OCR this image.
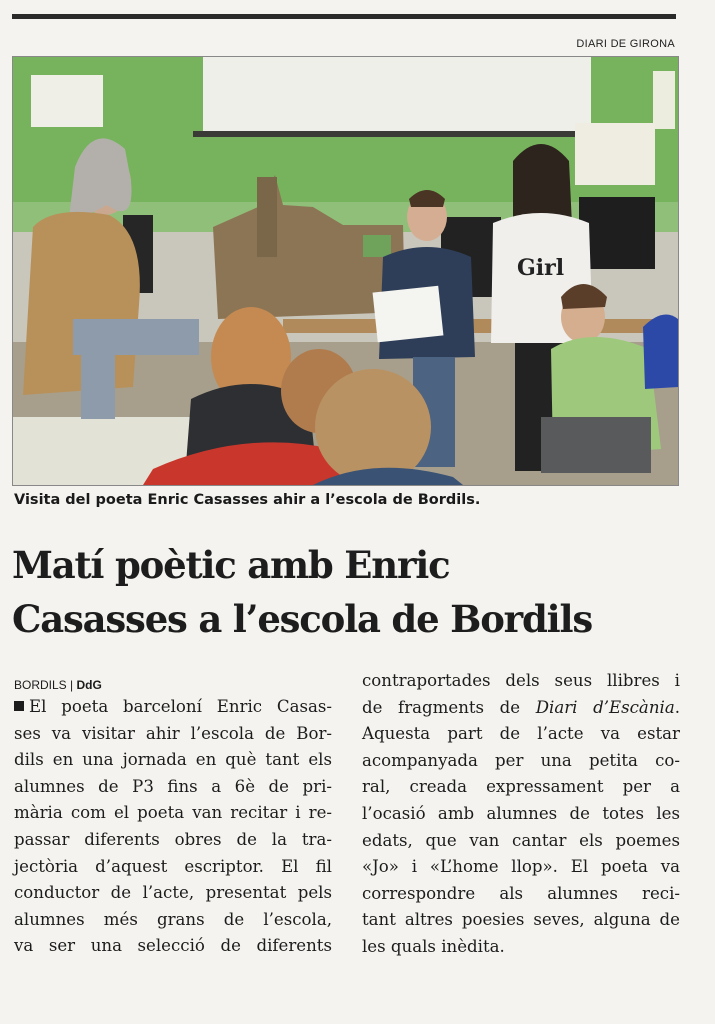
DIARI DE GIRONA
Girl
Visita del poeta Enric Casasses ahir a l’escola de Bordils.
Matí poètic amb Enric
Casasses a l’escola de Bordils
BORDILS | DdG
El poeta barceloní Enric Casas-
ses va visitar ahir l’escola de Bor-
dils en una jornada en què tant els
alumnes de P3 fins a 6è de pri-
mària com el poeta van recitar i re-
passar diferents obres de la tra-
jectòria d’aquest escriptor. El fil
conductor de l’acte, presentat pels
alumnes més grans de l’escola,
va ser una selecció de diferents
contraportades dels seus llibres i
de fragments de Diari d’Escània.
Aquesta part de l’acte va estar
acompanyada per una petita co-
ral, creada expressament per a
l’ocasió amb alumnes de totes les
edats, que van cantar els poemes
«Jo» i «L’home llop». El poeta va
correspondre als alumnes reci-
tant altres poesies seves, alguna de
les quals inèdita.
